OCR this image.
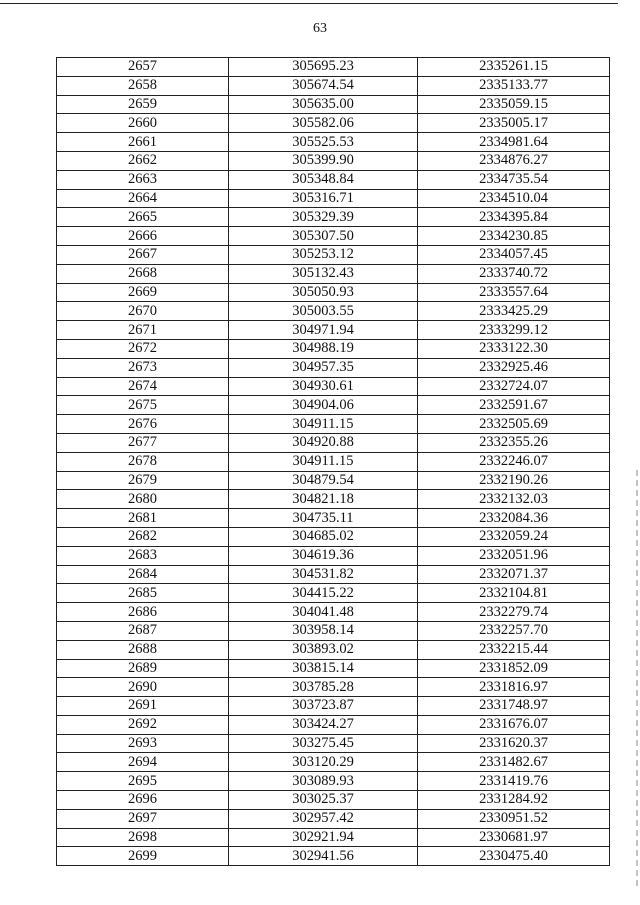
63
2657	305695.23	2335261.15
2658	305674.54	2335133.77
2659	305635.00	2335059.15
2660	305582.06	2335005.17
2661	305525.53	2334981.64
2662	305399.90	2334876.27
2663	305348.84	2334735.54
2664	305316.71	2334510.04
2665	305329.39	2334395.84
2666	305307.50	2334230.85
2667	305253.12	2334057.45
2668	305132.43	2333740.72
2669	305050.93	2333557.64
2670	305003.55	2333425.29
2671	304971.94	2333299.12
2672	304988.19	2333122.30
2673	304957.35	2332925.46
2674	304930.61	2332724.07
2675	304904.06	2332591.67
2676	304911.15	2332505.69
2677	304920.88	2332355.26
2678	304911.15	2332246.07
2679	304879.54	2332190.26
2680	304821.18	2332132.03
2681	304735.11	2332084.36
2682	304685.02	2332059.24
2683	304619.36	2332051.96
2684	304531.82	2332071.37
2685	304415.22	2332104.81
2686	304041.48	2332279.74
2687	303958.14	2332257.70
2688	303893.02	2332215.44
2689	303815.14	2331852.09
2690	303785.28	2331816.97
2691	303723.87	2331748.97
2692	303424.27	2331676.07
2693	303275.45	2331620.37
2694	303120.29	2331482.67
2695	303089.93	2331419.76
2696	303025.37	2331284.92
2697	302957.42	2330951.52
2698	302921.94	2330681.97
2699	302941.56	2330475.40
